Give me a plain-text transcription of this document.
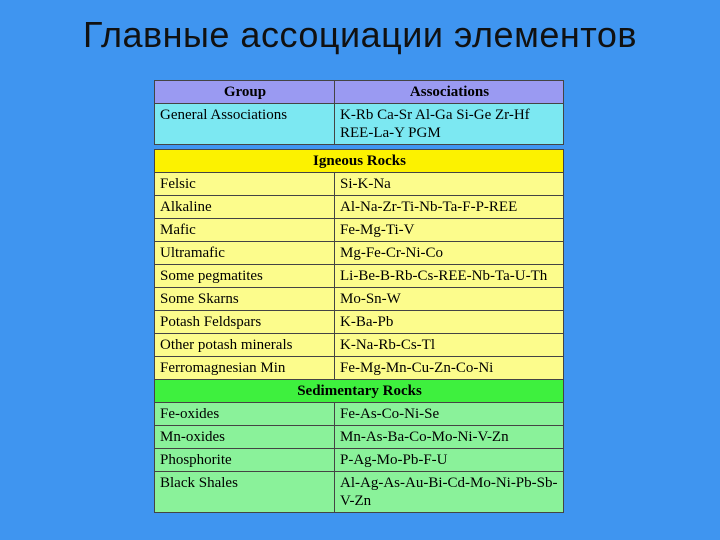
Главные ассоциации элементов
Group	Associations
General Associations	K-Rb Ca-Sr Al-Ga Si-Ge Zr-Hf REE-La-Y PGM

Igneous Rocks	
Felsic	Si-K-Na
Alkaline	Al-Na-Zr-Ti-Nb-Ta-F-P-REE
Mafic	Fe-Mg-Ti-V
Ultramafic	Mg-Fe-Cr-Ni-Co
Some pegmatites	Li-Be-B-Rb-Cs-REE-Nb-Ta-U-Th
Some Skarns	Mo-Sn-W
Potash Feldspars	K-Ba-Pb
Other potash minerals	K-Na-Rb-Cs-Tl
Ferromagnesian Min	Fe-Mg-Mn-Cu-Zn-Co-Ni
Sedimentary Rocks	
Fe-oxides	Fe-As-Co-Ni-Se
Mn-oxides	Mn-As-Ba-Co-Mo-Ni-V-Zn
Phosphorite	P-Ag-Mo-Pb-F-U
Black Shales	Al-Ag-As-Au-Bi-Cd-Mo-Ni-Pb-Sb-V-Zn
